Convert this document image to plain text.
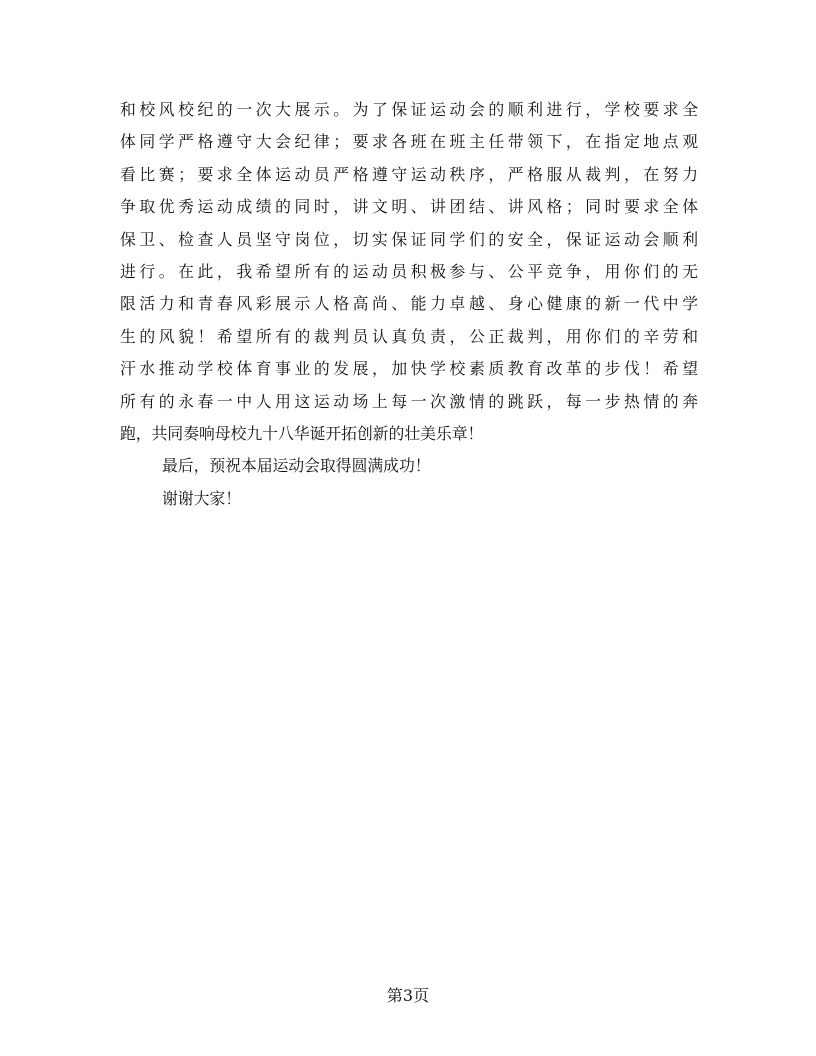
和校风校纪的一次大展示。为了保证运动会的顺利进行，学校要求全
体同学严格遵守大会纪律；要求各班在班主任带领下，在指定地点观
看比赛；要求全体运动员严格遵守运动秩序，严格服从裁判，在努力
争取优秀运动成绩的同时，讲文明、讲团结、讲风格；同时要求全体
保卫、检查人员坚守岗位，切实保证同学们的安全，保证运动会顺利
进行。在此，我希望所有的运动员积极参与、公平竞争，用你们的无
限活力和青春风彩展示人格高尚、能力卓越、身心健康的新一代中学
生的风貌！希望所有的裁判员认真负责，公正裁判，用你们的辛劳和
汗水推动学校体育事业的发展，加快学校素质教育改革的步伐！希望
所有的永春一中人用这运动场上每一次激情的跳跃，每一步热情的奔
跑，共同奏响母校九十八华诞开拓创新的壮美乐章！
最后，预祝本届运动会取得圆满成功！
谢谢大家！
第3页
